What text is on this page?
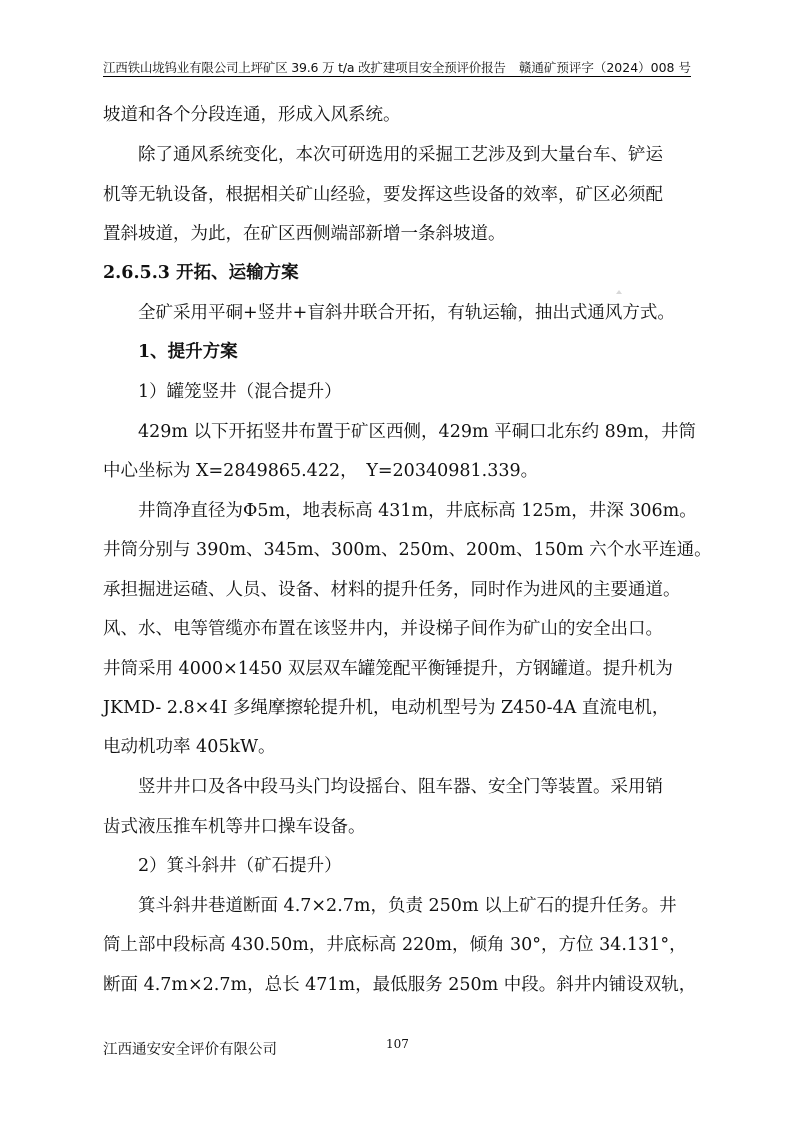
江西铁山垅钨业有限公司上坪矿区 39.6 万 t/a 改扩建项目安全预评价报告 赣通矿预评字（2024）008 号
坡道和各个分段连通，形成入风系统。
除了通风系统变化，本次可研选用的采掘工艺涉及到大量台车、铲运
机等无轨设备，根据相关矿山经验，要发挥这些设备的效率，矿区必须配
置斜坡道，为此，在矿区西侧端部新增一条斜坡道。
2.6.5.3 开拓、运输方案
全矿采用平硐+竖井+盲斜井联合开拓，有轨运输，抽出式通风方式。
1、提升方案
1）罐笼竖井（混合提升）
429m 以下开拓竖井布置于矿区西侧，429m 平硐口北东约 89m，井筒
中心坐标为 X=2849865.422，　Y=20340981.339。
井筒净直径为Φ5m，地表标高 431m，井底标高 125m，井深 306m。
井筒分别与 390m、345m、300m、250m、200m、150m 六个水平连通。
承担掘进运碴、人员、设备、材料的提升任务，同时作为进风的主要通道。
风、水、电等管缆亦布置在该竖井内，并设梯子间作为矿山的安全出口。
井筒采用 4000×1450 双层双车罐笼配平衡锤提升，方钢罐道。提升机为
JKMD- 2.8×4Ⅰ 多绳摩擦轮提升机，电动机型号为 Z450-4A 直流电机，
电动机功率 405kW。
竖井井口及各中段马头门均设摇台、阻车器、安全门等装置。采用销
齿式液压推车机等井口操车设备。
2）箕斗斜井（矿石提升）
箕斗斜井巷道断面 4.7×2.7m，负责 250m 以上矿石的提升任务。井
筒上部中段标高 430.50m，井底标高 220m，倾角 30°，方位 34.131°，
断面 4.7m×2.7m，总长 471m，最低服务 250m 中段。斜井内铺设双轨，
江西通安安全评价有限公司	107
